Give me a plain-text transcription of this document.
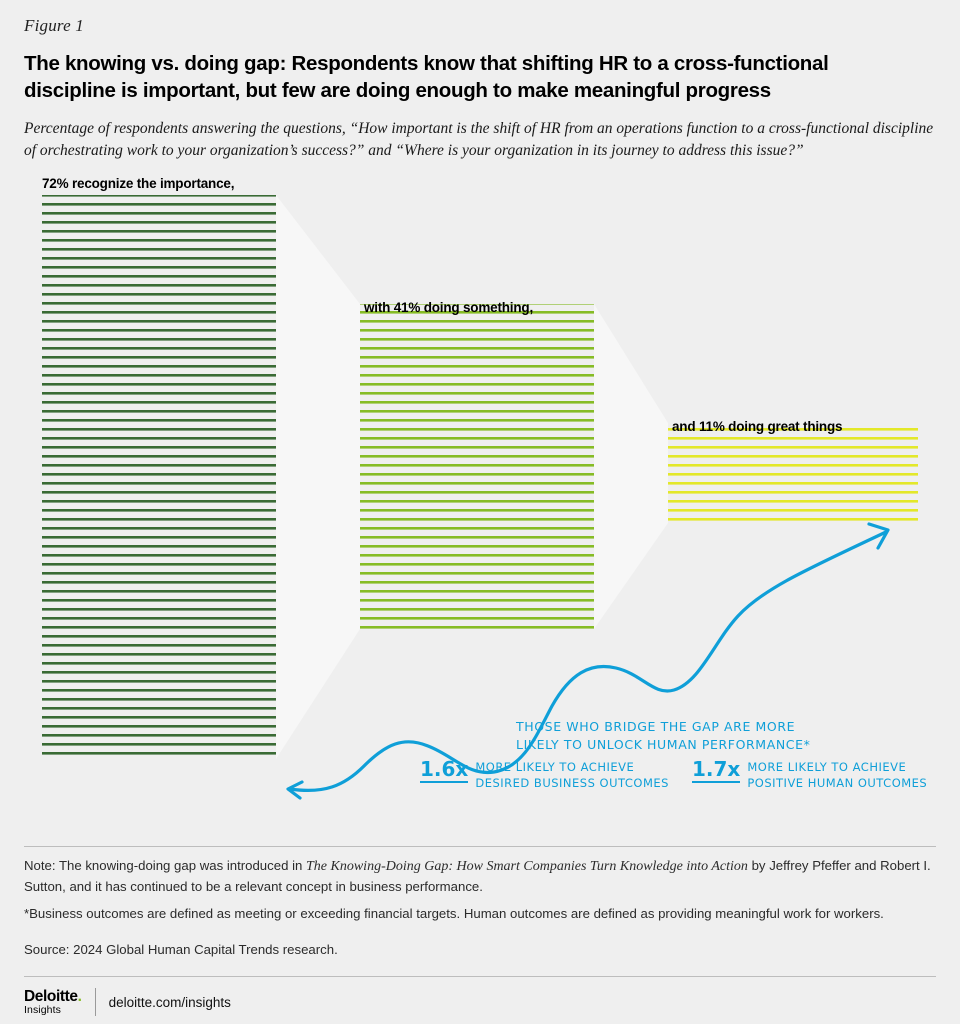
Figure 1
The knowing vs. doing gap: Respondents know that shifting HR to a cross-functional discipline is important, but few are doing enough to make meaningful progress
Percentage of respondents answering the questions, “How important is the shift of HR from an operations function to a cross-functional discipline of orchestrating work to your organization’s success?” and “Where is your organization in its journey to address this issue?”
72% recognize the importance,
with 41% doing something,
and 11% doing great things
THOSE WHO BRIDGE THE GAP ARE MORE
LIKELY TO UNLOCK HUMAN PERFORMANCE*
1.6x MORE LIKELY TO ACHIEVE
DESIRED BUSINESS OUTCOMES
1.7x MORE LIKELY TO ACHIEVE
POSITIVE HUMAN OUTCOMES
Note: The knowing-doing gap was introduced in The Knowing-Doing Gap: How Smart Companies Turn Knowledge into Action by Jeffrey Pfeffer and Robert I. Sutton, and it has continued to be a relevant concept in business performance.
*Business outcomes are defined as meeting or exceeding financial targets. Human outcomes are defined as providing meaningful work for workers.
Source: 2024 Global Human Capital Trends research.
Deloitte.
Insights
deloitte.com/insights
